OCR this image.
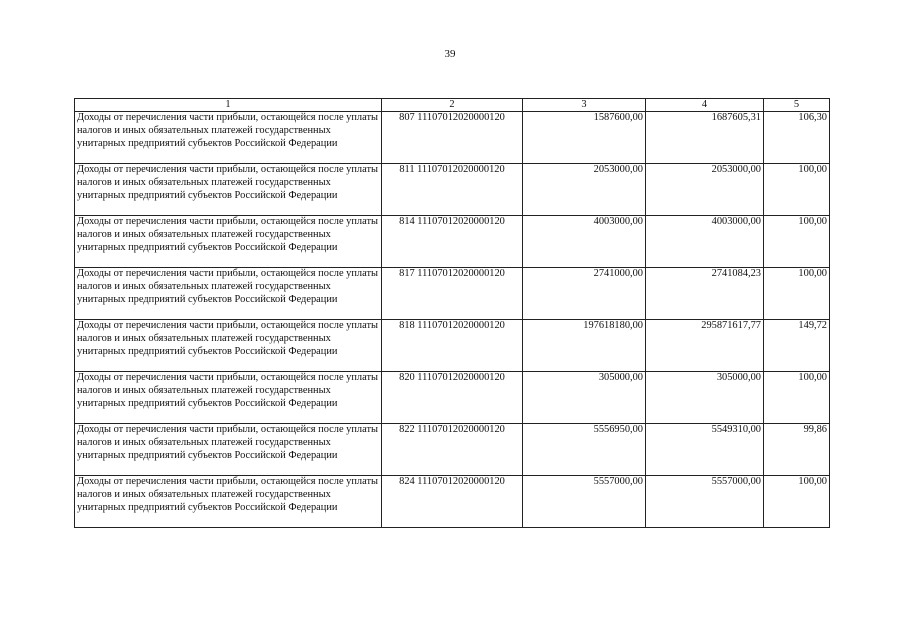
39
1	2	3	4	5
Доходы от перечисления части прибыли, остающейся после уплаты налогов и иных обязательных платежей государственных унитарных предприятий субъектов Российской Федерации	807 11107012020000120	1587600,00	1687605,31	106,30
Доходы от перечисления части прибыли, остающейся после уплаты налогов и иных обязательных платежей государственных унитарных предприятий субъектов Российской Федерации	811 11107012020000120	2053000,00	2053000,00	100,00
Доходы от перечисления части прибыли, остающейся после уплаты налогов и иных обязательных платежей государственных унитарных предприятий субъектов Российской Федерации	814 11107012020000120	4003000,00	4003000,00	100,00
Доходы от перечисления части прибыли, остающейся после уплаты налогов и иных обязательных платежей государственных унитарных предприятий субъектов Российской Федерации	817 11107012020000120	2741000,00	2741084,23	100,00
Доходы от перечисления части прибыли, остающейся после уплаты налогов и иных обязательных платежей государственных унитарных предприятий субъектов Российской Федерации	818 11107012020000120	197618180,00	295871617,77	149,72
Доходы от перечисления части прибыли, остающейся после уплаты налогов и иных обязательных платежей государственных унитарных предприятий субъектов Российской Федерации	820 11107012020000120	305000,00	305000,00	100,00
Доходы от перечисления части прибыли, остающейся после уплаты налогов и иных обязательных платежей государственных унитарных предприятий субъектов Российской Федерации	822 11107012020000120	5556950,00	5549310,00	99,86
Доходы от перечисления части прибыли, остающейся после уплаты налогов и иных обязательных платежей государственных унитарных предприятий субъектов Российской Федерации	824 11107012020000120	5557000,00	5557000,00	100,00
